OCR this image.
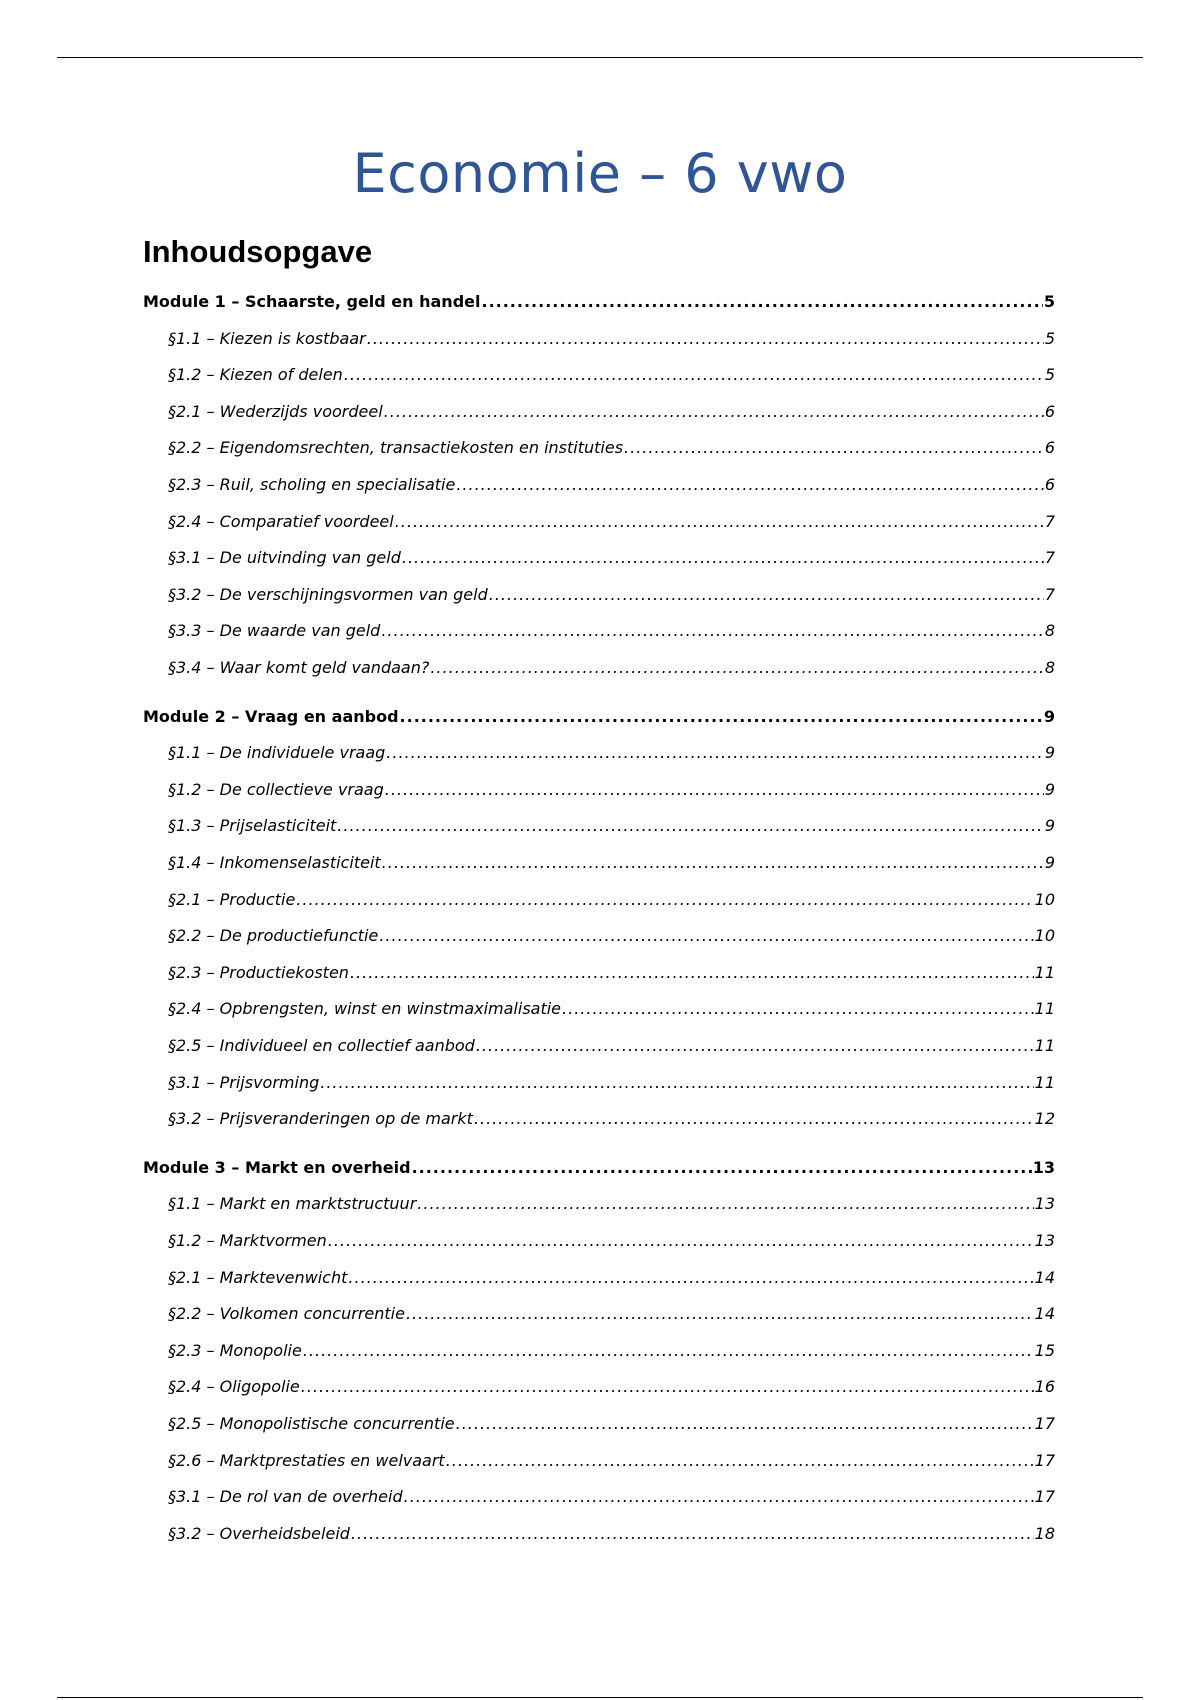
Economie – 6 vwo
Inhoudsopgave
Module 1 – Schaarste, geld en handel .....	5
§1.1 – Kiezen is kostbaar .....	5
§1.2 – Kiezen of delen .....	5
§2.1 – Wederzijds voordeel .....	6
§2.2 – Eigendomsrechten, transactiekosten en instituties .....	6
§2.3 – Ruil, scholing en specialisatie .....	6
§2.4 – Comparatief voordeel .....	7
§3.1 – De uitvinding van geld .....	7
§3.2 – De verschijningsvormen van geld .....	7
§3.3 – De waarde van geld .....	8
§3.4 – Waar komt geld vandaan? .....	8
Module 2 – Vraag en aanbod .....	9
§1.1 – De individuele vraag .....	9
§1.2 – De collectieve vraag .....	9
§1.3 – Prijselasticiteit .....	9
§1.4 – Inkomenselasticiteit .....	9
§2.1 – Productie .....	10
§2.2 – De productiefunctie .....	10
§2.3 – Productiekosten .....	11
§2.4 – Opbrengsten, winst en winstmaximalisatie .....	11
§2.5 – Individueel en collectief aanbod .....	11
§3.1 – Prijsvorming .....	11
§3.2 – Prijsveranderingen op de markt .....	12
Module 3 – Markt en overheid .....	13
§1.1 – Markt en marktstructuur .....	13
§1.2 – Marktvormen .....	13
§2.1 – Marktevenwicht .....	14
§2.2 – Volkomen concurrentie .....	14
§2.3 – Monopolie .....	15
§2.4 – Oligopolie .....	16
§2.5 – Monopolistische concurrentie .....	17
§2.6 – Marktprestaties en welvaart .....	17
§3.1 – De rol van de overheid .....	17
§3.2 – Overheidsbeleid .....	18
